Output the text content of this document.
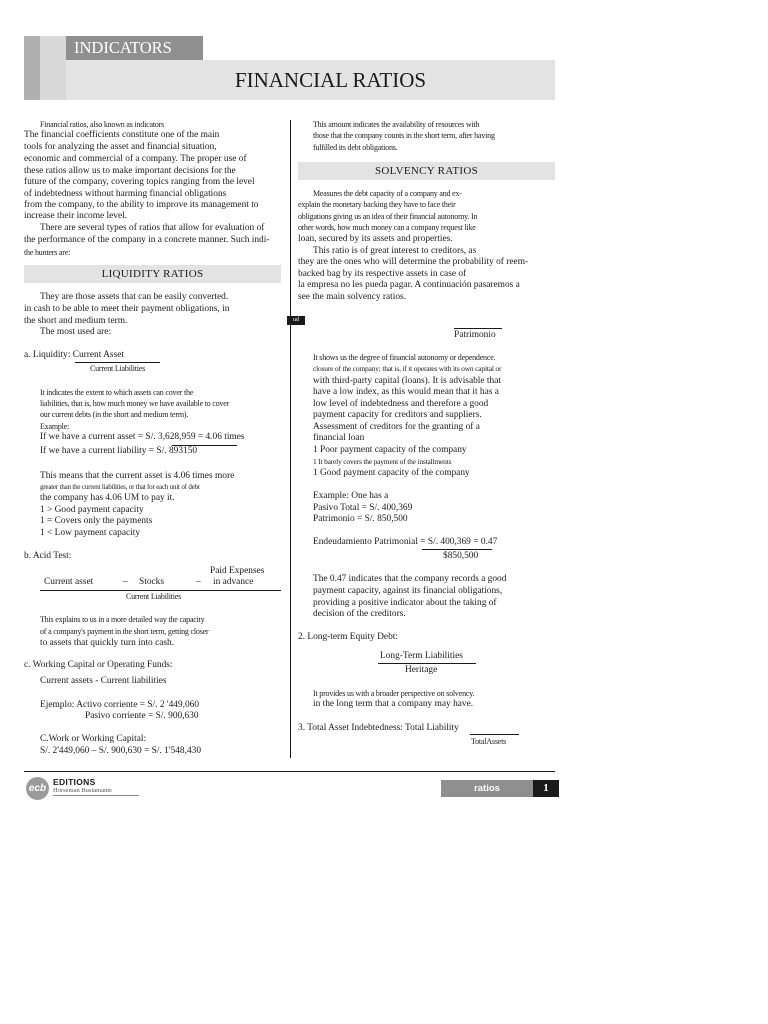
INDICATORS
FINANCIAL RATIOS
Financial ratios, also known as indicators
The financial coefficients constitute one of the main
tools for analyzing the asset and financial situation,
economic and commercial of a company. The proper use of
these ratios allow us to make important decisions for the
future of the company, covering topics ranging from the level
of indebtedness without harming financial obligations
from the company, to the ability to improve its management to
increase their income level.
There are several types of ratios that allow for evaluation of
the performance of the company in a concrete manner. Such indi-
the hunters are:
LIQUIDITY RATIOS
They are those assets that can be easily converted.
in cash to be able to meet their payment obligations, in
the short and medium term.
The most used are:
a. Liquidity: Current Asset
Current Liabilities
It indicates the extent to which assets can cover the
liabilities, that is, how much money we have available to cover
our current debts (in the short and medium term).
Example:
If we have a current asset = S/. 3,628,959 = 4.06 times
If we have a current liability = S/. 893150
This means that the current asset is 4.06 times more
greater than the current liabilities, or that for each unit of debt
the company has 4.06 UM to pay it.
1 > Good payment capacity
1 = Covers only the payments
1 < Low payment capacity
b. Acid Test:
Paid Expenses
Current asset	– Stocks	– in advance
Current Liabilities
This explains to us in a more detailed way the capacity
of a company's payment in the short term, getting closer
to assets that quickly turn into cash.
c. Working Capital or Operating Funds:
Current assets - Current liabilities
Ejemplo: Activo corriente = S/. 2 '449,060
Pasivo corriente = S/. 900,630
C.Work or Working Capital:
S/. 2'449,060 – S/. 900,630 = S/. 1'548,430
This amount indicates the availability of resources with
those that the company counts in the short term, after having
fulfilled its debt obligations.
SOLVENCY RATIOS
Measures the debt capacity of a company and ex-
explain the monetary backing they have to face their
obligations giving us an idea of their financial autonomy. In
other words, how much money can a company request like
loan, secured by its assets and properties.
This ratio is of great interest to creditors, as
they are the ones who will determine the probability of reem-
backed bag by its respective assets in case of
la empresa no les pueda pagar. A continuación pasaremos a
see the main solvency ratios.
ud
Patrimonio
It shows us the degree of financial autonomy or dependence.
closure of the company; that is, if it operates with its own capital or
with third-party capital (loans). It is advisable that
have a low index, as this would mean that it has a
low level of indebtedness and therefore a good
payment capacity for creditors and suppliers.
Assessment of creditors for the granting of a
financial loan
1 Poor payment capacity of the company
1 It barely covers the payment of the installments
1 Good payment capacity of the company
Example: One has a
Pasivo Total = S/. 400,369
Patrimonio = S/. 850,500
Endeudamiento Patrimonial = S/. 400,369 = 0.47
$850,500
The 0.47 indicates that the company records a good
payment capacity, against its financial obligations,
providing a positive indicator about the taking of
decision of the creditors.
2. Long-term Equity Debt:
Long-Term Liabilities
Heritage
It provides us with a broader perspective on solvency.
in the long term that a company may have.
3. Total Asset Indebtedness: Total Liability
TotalAssets
ecb
EDITIONS
Horseman Bustamante	ratios	1
